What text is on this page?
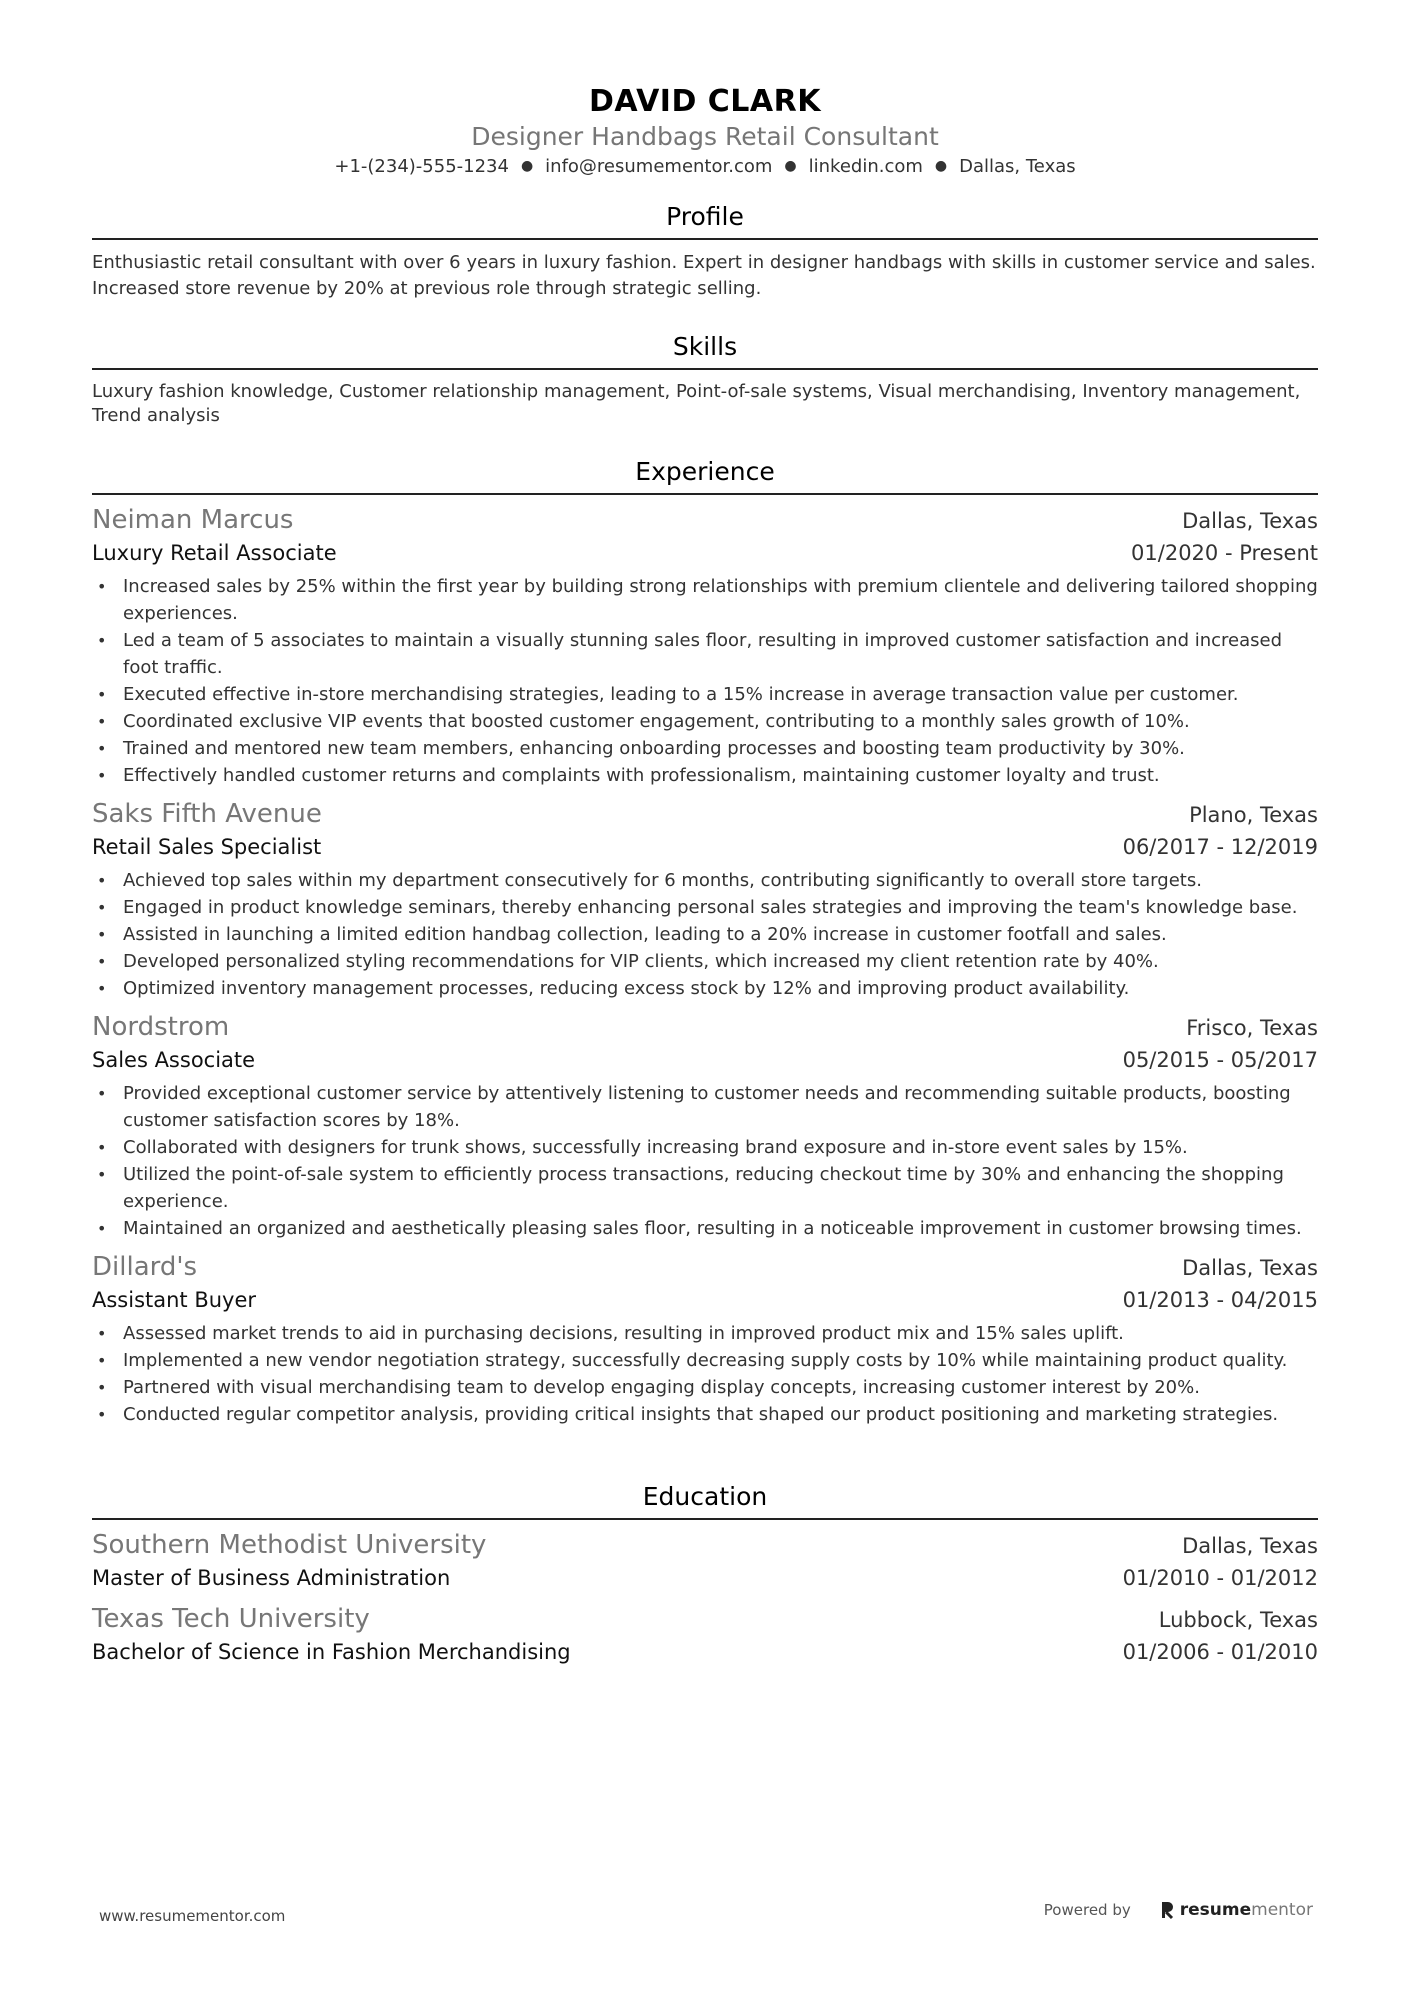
DAVID CLARK
Designer Handbags Retail Consultant
+1-(234)-555-1234 ● info@resumementor.com ● linkedin.com ● Dallas, Texas
Profile
Enthusiastic retail consultant with over 6 years in luxury fashion. Expert in designer handbags with skills in customer service and sales. Increased store revenue by 20% at previous role through strategic selling.
Skills
Luxury fashion knowledge, Customer relationship management, Point-of-sale systems, Visual merchandising, Inventory management, Trend analysis
Experience
Neiman Marcus	Dallas, Texas
Luxury Retail Associate	01/2020 - Present
• Increased sales by 25% within the first year by building strong relationships with premium clientele and delivering tailored shopping experiences.
• Led a team of 5 associates to maintain a visually stunning sales floor, resulting in improved customer satisfaction and increased foot traffic.
• Executed effective in-store merchandising strategies, leading to a 15% increase in average transaction value per customer.
• Coordinated exclusive VIP events that boosted customer engagement, contributing to a monthly sales growth of 10%.
• Trained and mentored new team members, enhancing onboarding processes and boosting team productivity by 30%.
• Effectively handled customer returns and complaints with professionalism, maintaining customer loyalty and trust.
Saks Fifth Avenue	Plano, Texas
Retail Sales Specialist	06/2017 - 12/2019
• Achieved top sales within my department consecutively for 6 months, contributing significantly to overall store targets.
• Engaged in product knowledge seminars, thereby enhancing personal sales strategies and improving the team's knowledge base.
• Assisted in launching a limited edition handbag collection, leading to a 20% increase in customer footfall and sales.
• Developed personalized styling recommendations for VIP clients, which increased my client retention rate by 40%.
• Optimized inventory management processes, reducing excess stock by 12% and improving product availability.
Nordstrom	Frisco, Texas
Sales Associate	05/2015 - 05/2017
• Provided exceptional customer service by attentively listening to customer needs and recommending suitable products, boosting customer satisfaction scores by 18%.
• Collaborated with designers for trunk shows, successfully increasing brand exposure and in-store event sales by 15%.
• Utilized the point-of-sale system to efficiently process transactions, reducing checkout time by 30% and enhancing the shopping experience.
• Maintained an organized and aesthetically pleasing sales floor, resulting in a noticeable improvement in customer browsing times.
Dillard's	Dallas, Texas
Assistant Buyer	01/2013 - 04/2015
• Assessed market trends to aid in purchasing decisions, resulting in improved product mix and 15% sales uplift.
• Implemented a new vendor negotiation strategy, successfully decreasing supply costs by 10% while maintaining product quality.
• Partnered with visual merchandising team to develop engaging display concepts, increasing customer interest by 20%.
• Conducted regular competitor analysis, providing critical insights that shaped our product positioning and marketing strategies.
Education
Southern Methodist University	Dallas, Texas
Master of Business Administration	01/2010 - 01/2012
Texas Tech University	Lubbock, Texas
Bachelor of Science in Fashion Merchandising	01/2006 - 01/2010
www.resumementor.com	Powered by	resumementor
